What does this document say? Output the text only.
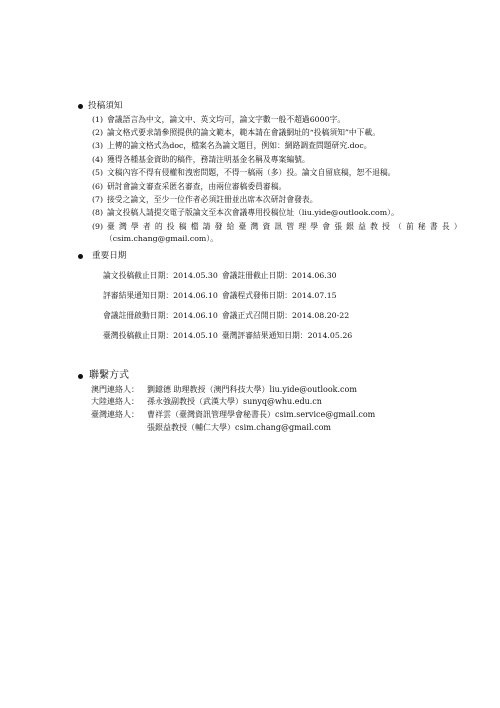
投稿須知
(1) 會議語言為中文，論文中、英文均可，論文字數一般不超過6000字。
(2) 論文格式要求請參照提供的論文範本，範本請在會議網址的“投稿須知”中下載。
(3) 上傳的論文格式為doc，檔案名為論文題目，例如：網路調查問題研究.doc。
(4) 獲得各種基金資助的稿件，務請注明基金名稱及專案編號。
(5) 文稿內容不得有侵權和洩密問題，不得一稿兩（多）投。論文自留底稿，恕不退稿。
(6) 研討會論文審查采匿名審查，由兩位審稿委員審稿。
(7) 接受之論文，至少一位作者必須註冊並出席本次研討會發表。
(8) 論文投稿人請提交電子版論文至本次會議專用投稿位址（liu.yide@outlook.com）。
(9) 臺灣學者的投稿檔請發給臺灣資訊管理學會張銀益教授（前秘書長）
（csim.chang@gmail.com）。
重要日期
論文投稿截止日期：2014.05.30 會議註冊截止日期：2014.06.30
評審結果通知日期：2014.06.10 會議程式發佈日期：2014.07.15
會議註冊啟動日期：2014.06.10 會議正式召開日期：2014.08.20-22
臺灣投稿截止日期：2014.05.10 臺灣評審結果通知日期：2014.05.26
聯繫方式
澳門連絡人： 劉鐿德 助理教授（澳門科技大學）liu.yide@outlook.com
大陸連絡人： 孫永強副教授（武漢大學）sunyq@whu.edu.cn
臺灣連絡人： 曹祥雲（臺灣資訊管理學會秘書長）csim.service@gmail.com
張銀益教授（輔仁大學）csim.chang@gmail.com
